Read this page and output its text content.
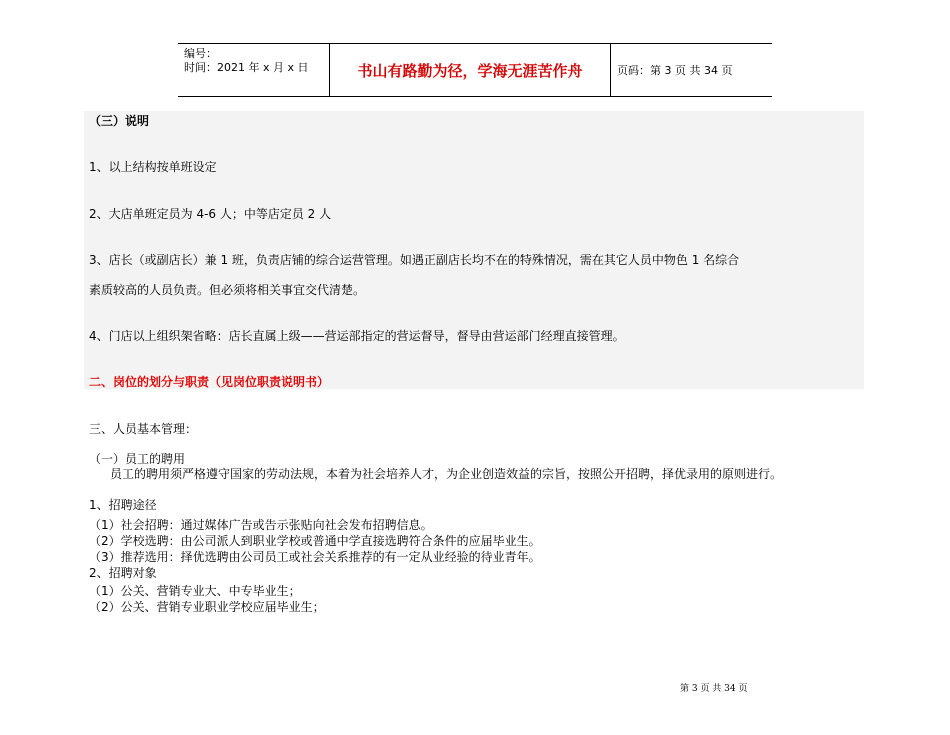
编号：
时间：2021 年 x 月 x 日	书山有路勤为径，学海无涯苦作舟	页码：第 3 页 共 34 页
（三）说明
1、以上结构按单班设定
2、大店单班定员为 4-6 人；中等店定员 2 人
3、店长（或副店长）兼 1 班，负责店铺的综合运营管理。如遇正副店长均不在的特殊情况，需在其它人员中物色 1 名综合
素质较高的人员负责。但必须将相关事宜交代清楚。
4、门店以上组织架省略：店长直属上级——营运部指定的营运督导，督导由营运部门经理直接管理。
二、岗位的划分与职责（见岗位职责说明书）
三、人员基本管理：
（一）员工的聘用
员工的聘用须严格遵守国家的劳动法规，本着为社会培养人才，为企业创造效益的宗旨，按照公开招聘，择优录用的原则进行。
1、招聘途径
（1）社会招聘：通过媒体广告或告示张贴向社会发布招聘信息。
（2）学校选聘：由公司派人到职业学校或普通中学直接选聘符合条件的应届毕业生。
（3）推荐选用：择优选聘由公司员工或社会关系推荐的有一定从业经验的待业青年。
2、招聘对象
（1）公关、营销专业大、中专毕业生；
（2）公关、营销专业职业学校应届毕业生；
第 3 页 共 34 页
